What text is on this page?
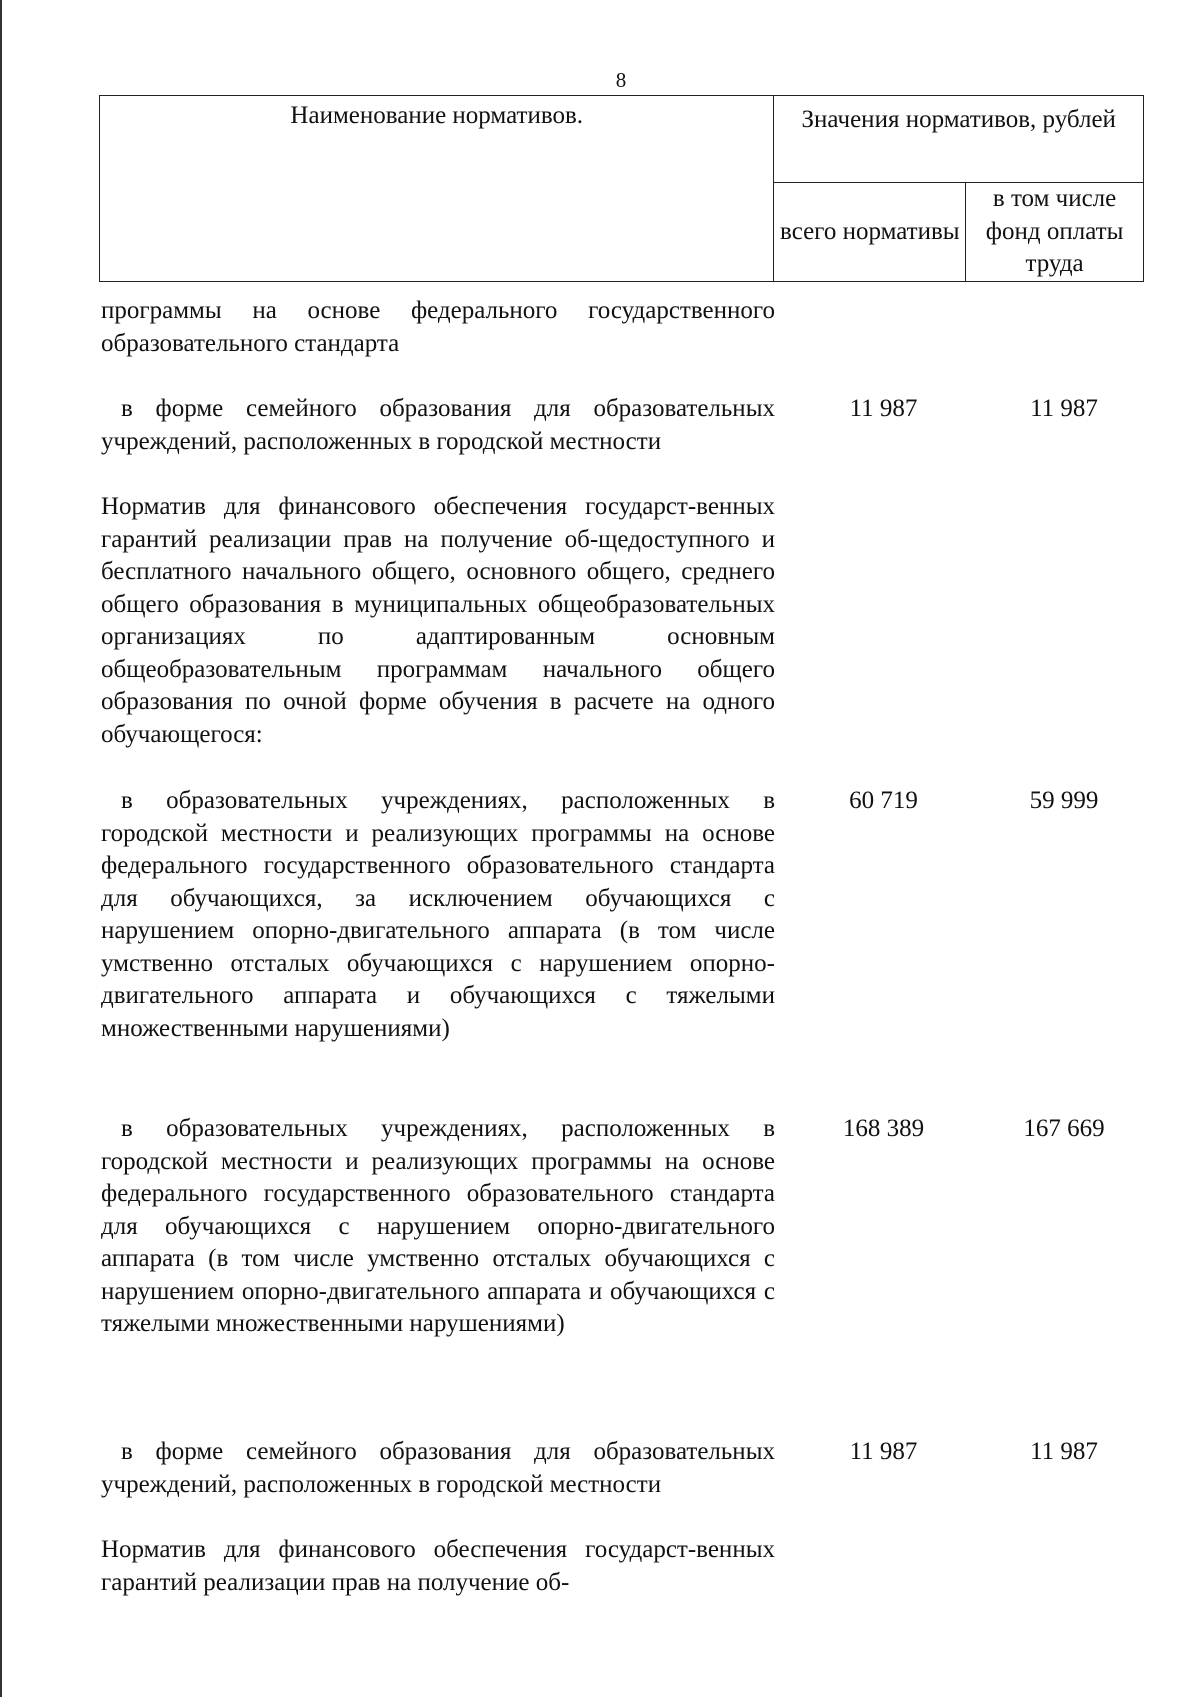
8
Наименование нормативов.	Значения нормативов, рублей	
	всего нормативы	в том числе фонд оплаты труда
программы на основе федерального государственного образовательного стандарта
в форме семейного образования для образовательных учреждений, расположенных в городской местности
11 987	11 987
Норматив для финансового обеспечения государст-венных гарантий реализации прав на получение об-щедоступного и бесплатного начального общего, основного общего, среднего общего образования в муниципальных общеобразовательных организациях по адаптированным основным общеобразовательным программам начального общего образования по очной форме обучения в расчете на одного обучающегося:
в образовательных учреждениях, расположенных в городской местности и реализующих программы на основе федерального государственного образовательного стандарта для обучающихся, за исключением обучающихся с нарушением опорно-двигательного аппарата (в том числе умственно отсталых обучающихся с нарушением опорно-двигательного аппарата и обучающихся с тяжелыми множественными нарушениями)
60 719	59 999
в образовательных учреждениях, расположенных в городской местности и реализующих программы на основе федерального государственного образовательного стандарта для обучающихся с нарушением опорно-двигательного аппарата (в том числе умственно отсталых обучающихся с нарушением опорно-двигательного аппарата и обучающихся с тяжелыми множественными нарушениями)
168 389	167 669
в форме семейного образования для образовательных учреждений, расположенных в городской местности
11 987	11 987
Норматив для финансового обеспечения государст-венных гарантий реализации прав на получение об-
